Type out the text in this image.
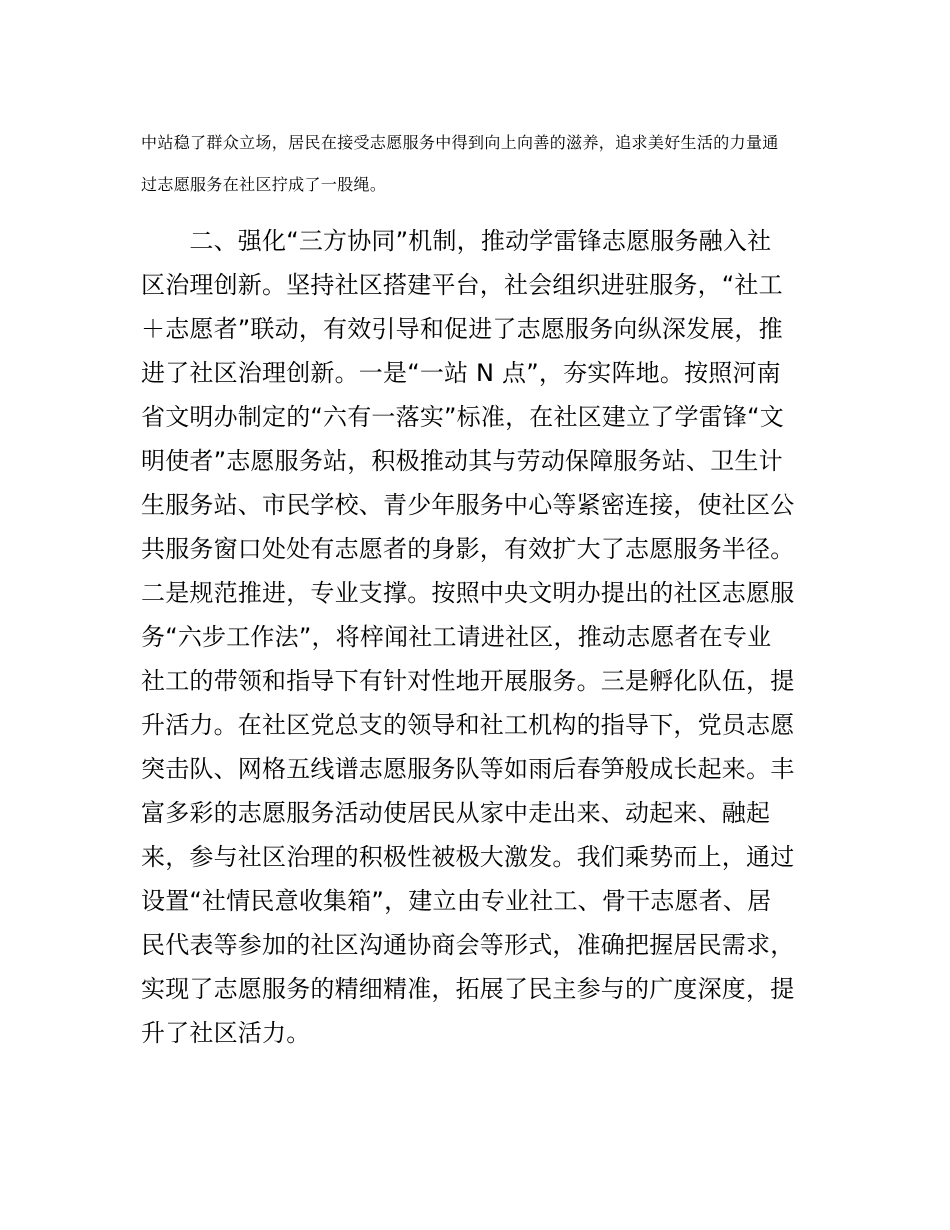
中站稳了群众立场，居民在接受志愿服务中得到向上向善的滋养，追求美好生活的力量通
过志愿服务在社区拧成了一股绳。
　　二、强化“三方协同”机制，推动学雷锋志愿服务融入社
区治理创新。坚持社区搭建平台，社会组织进驻服务，“社工
＋志愿者”联动，有效引导和促进了志愿服务向纵深发展，推
进了社区治理创新。一是“一站 N 点”，夯实阵地。按照河南
省文明办制定的“六有一落实”标准，在社区建立了学雷锋“文
明使者”志愿服务站，积极推动其与劳动保障服务站、卫生计
生服务站、市民学校、青少年服务中心等紧密连接，使社区公
共服务窗口处处有志愿者的身影，有效扩大了志愿服务半径。
二是规范推进，专业支撑。按照中央文明办提出的社区志愿服
务“六步工作法”，将梓闻社工请进社区，推动志愿者在专业
社工的带领和指导下有针对性地开展服务。三是孵化队伍，提
升活力。在社区党总支的领导和社工机构的指导下，党员志愿
突击队、网格五线谱志愿服务队等如雨后春笋般成长起来。丰
富多彩的志愿服务活动使居民从家中走出来、动起来、融起
来，参与社区治理的积极性被极大激发。我们乘势而上，通过
设置“社情民意收集箱”，建立由专业社工、骨干志愿者、居
民代表等参加的社区沟通协商会等形式，准确把握居民需求，
实现了志愿服务的精细精准，拓展了民主参与的广度深度，提
升了社区活力。
